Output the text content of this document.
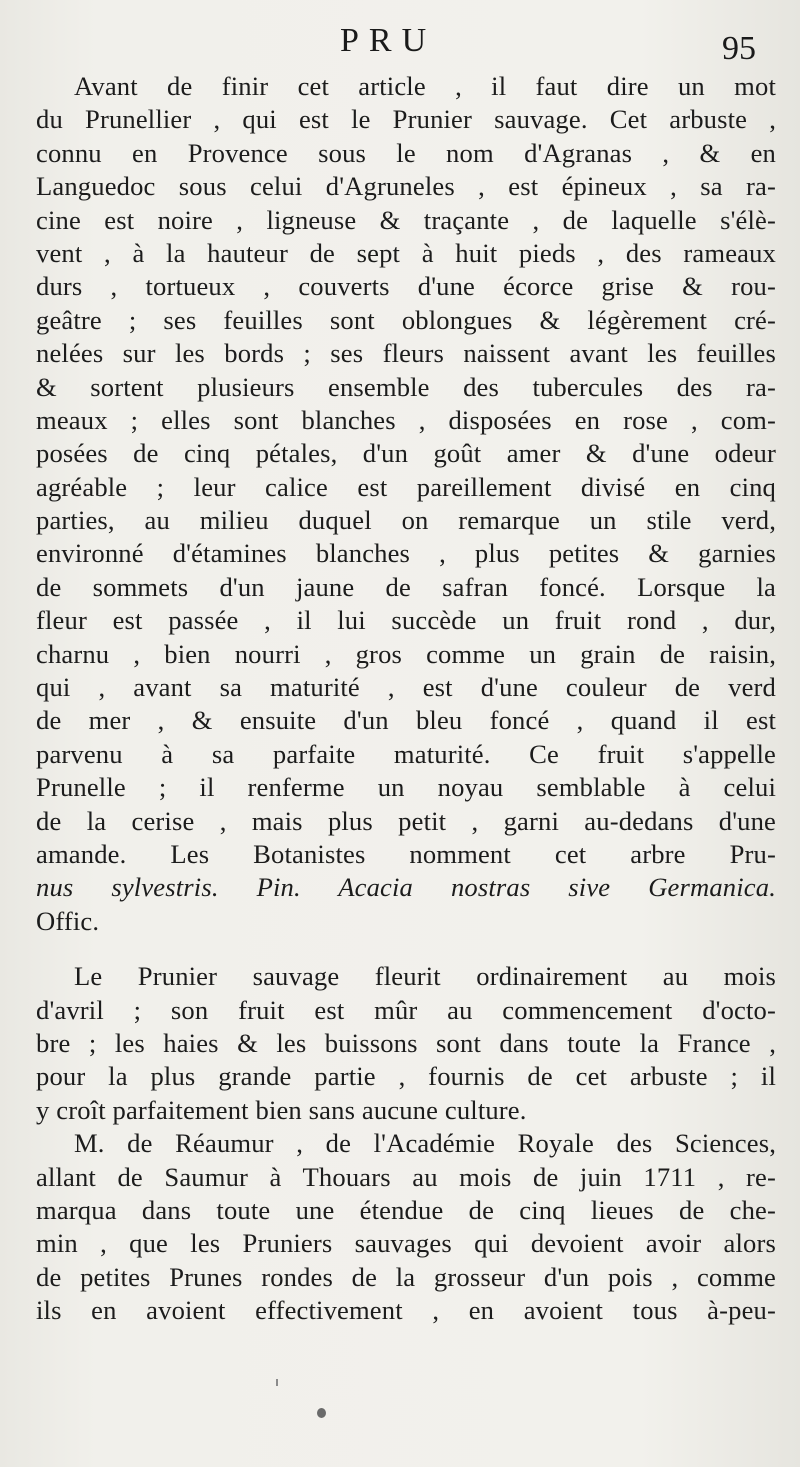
PRU	95
Avant de finir cet article , il faut dire un mot
du Prunellier , qui est le Prunier sauvage. Cet arbuste ,
connu en Provence sous le nom d'Agranas , & en
Languedoc sous celui d'Agruneles , est épineux , sa ra-
cine est noire , ligneuse & traçante , de laquelle s'élè-
vent , à la hauteur de sept à huit pieds , des rameaux
durs , tortueux , couverts d'une écorce grise & rou-
geâtre ; ses feuilles sont oblongues & légèrement cré-
nelées sur les bords ; ses fleurs naissent avant les feuilles
& sortent plusieurs ensemble des tubercules des ra-
meaux ; elles sont blanches , disposées en rose , com-
posées de cinq pétales, d'un goût amer & d'une odeur
agréable ; leur calice est pareillement divisé en cinq
parties, au milieu duquel on remarque un stile verd,
environné d'étamines blanches , plus petites & garnies
de sommets d'un jaune de safran foncé. Lorsque la
fleur est passée , il lui succède un fruit rond , dur,
charnu , bien nourri , gros comme un grain de raisin,
qui , avant sa maturité , est d'une couleur de verd
de mer , & ensuite d'un bleu foncé , quand il est
parvenu à sa parfaite maturité. Ce fruit s'appelle
Prunelle ; il renferme un noyau semblable à celui
de la cerise , mais plus petit , garni au-dedans d'une
amande. Les Botanistes nomment cet arbre Pru-
nus sylvestris. Pin. Acacia nostras sive Germanica.
Offic.
Le Prunier sauvage fleurit ordinairement au mois
d'avril ; son fruit est mûr au commencement d'octo-
bre ; les haies & les buissons sont dans toute la France ,
pour la plus grande partie , fournis de cet arbuste ; il
y croît parfaitement bien sans aucune culture.
M. de Réaumur , de l'Académie Royale des Sciences,
allant de Saumur à Thouars au mois de juin 1711 , re-
marqua dans toute une étendue de cinq lieues de che-
min , que les Pruniers sauvages qui devoient avoir alors
de petites Prunes rondes de la grosseur d'un pois , comme
ils en avoient effectivement , en avoient tous à-peu-
